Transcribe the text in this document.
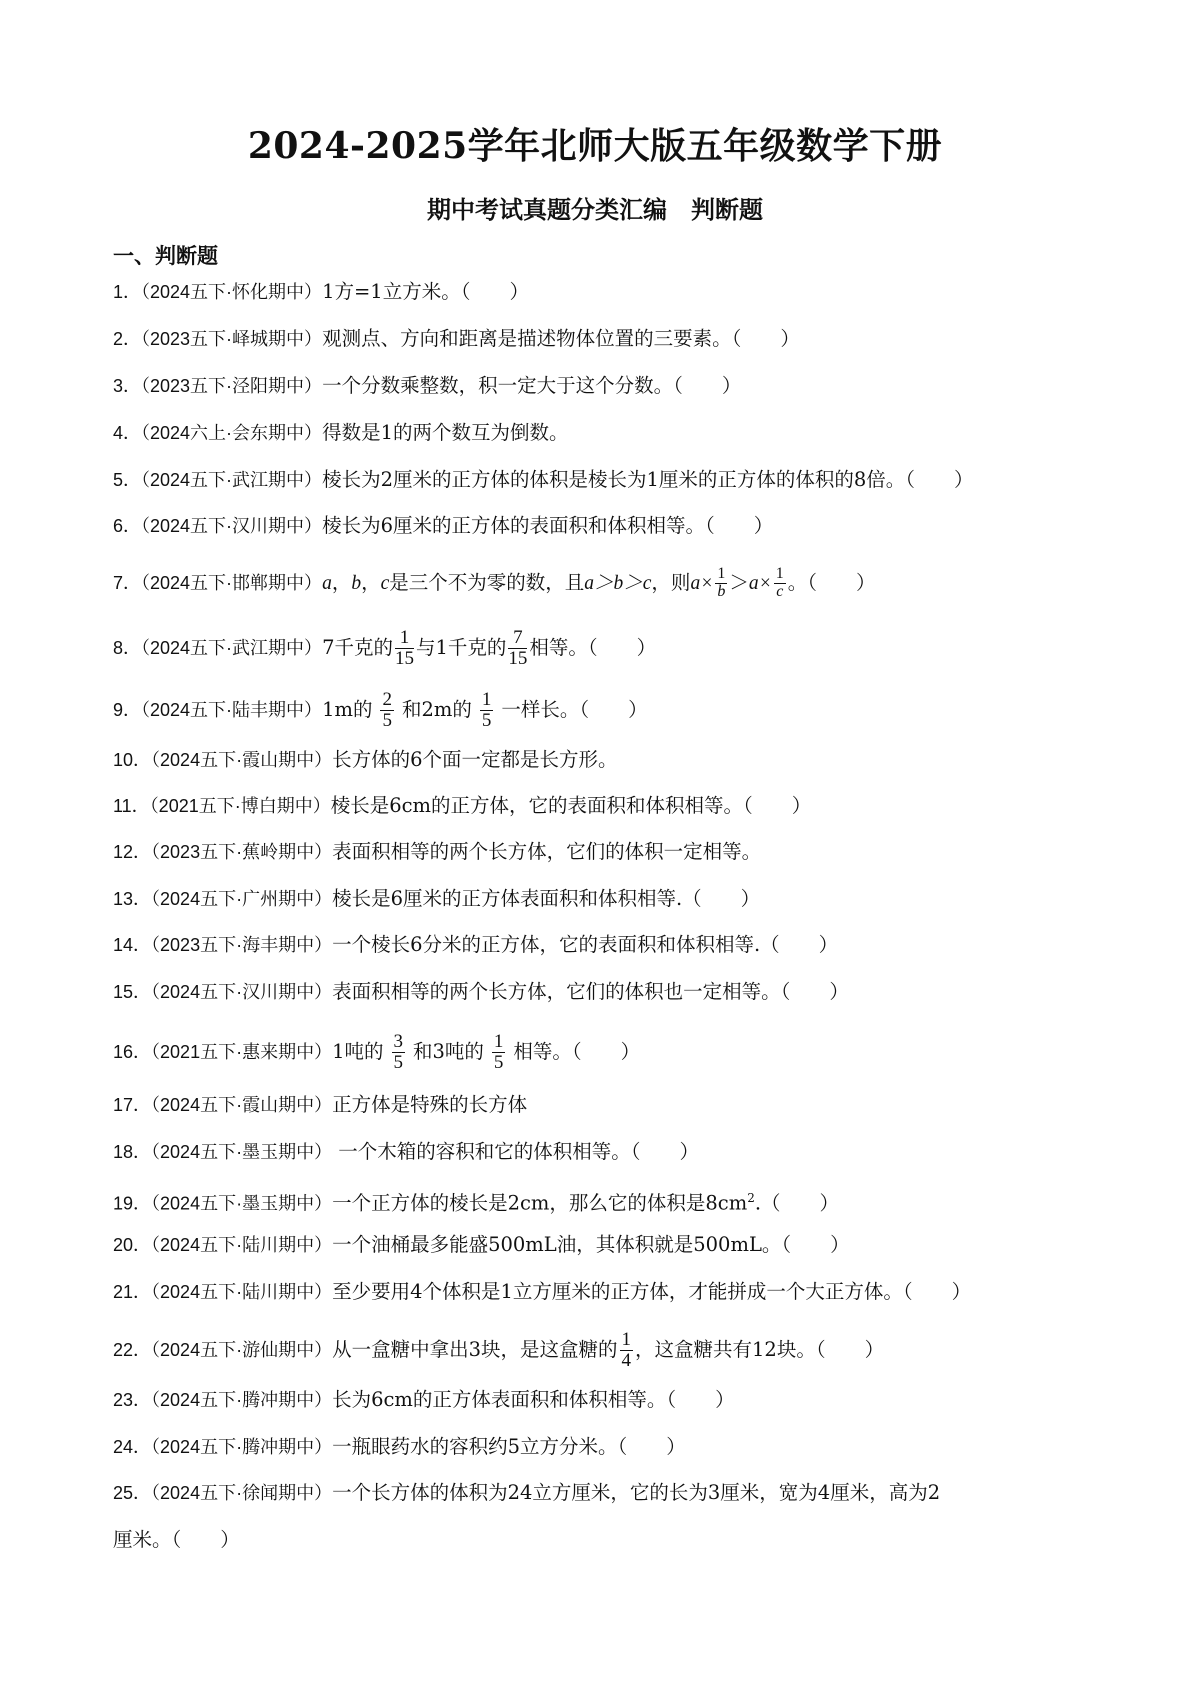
2024-2025学年北师大版五年级数学下册
期中考试真题分类汇编　判断题
一、判断题
1．（2024五下·怀化期中）1方=1立方米。（　　）
2．（2023五下·峄城期中）观测点、方向和距离是描述物体位置的三要素。（　　）
3．（2023五下·泾阳期中）一个分数乘整数，积一定大于这个分数。（　　）
4．（2024六上·会东期中）得数是1的两个数互为倒数。
5．（2024五下·武江期中）棱长为2厘米的正方体的体积是棱长为1厘米的正方体的体积的8倍。（　　）
6．（2024五下·汉川期中）棱长为6厘米的正方体的表面积和体积相等。（　　）
7．（2024五下·邯郸期中）a，b，c是三个不为零的数，且a＞b＞c，则$a\times \frac{1}{b} >a\times \frac{1}{c}$ 。（　　）
8．（2024五下·武江期中）7千克的 $\frac{1}{15}$ 与1千克的 $\frac{7}{15}$ 相等。（　　）
9．（2024五下·陆丰期中）1m的 $\frac{2}{5}$ 和2m的 $\frac{1}{5}$ 一样长。（　　）
10．（2024五下·霞山期中）长方体的6个面一定都是长方形。
11．（2021五下·博白期中）棱长是6cm的正方体，它的表面积和体积相等。（　　）
12．（2023五下·蕉岭期中）表面积相等的两个长方体，它们的体积一定相等。
13．（2024五下·广州期中）棱长是6厘米的正方体表面积和体积相等.（　　）
14．（2023五下·海丰期中）一个棱长6分米的正方体，它的表面积和体积相等.（　　）
15．（2024五下·汉川期中）表面积相等的两个长方体，它们的体积也一定相等。（　　）
16．（2021五下·惠来期中）1吨的 $\frac{3}{5}$ 和3吨的 $\frac{1}{5}$ 相等。（　　）
17．（2024五下·霞山期中）正方体是特殊的长方体
18．（2024五下·墨玉期中） 一个木箱的容积和它的体积相等。（　　）
19．（2024五下·墨玉期中）一个正方体的棱长是2cm，那么它的体积是$8cm^2$.（　　）
20．（2024五下·陆川期中）一个油桶最多能盛500mL油，其体积就是500mL。（　　）
21．（2024五下·陆川期中）至少要用4个体积是1立方厘米的正方体，才能拼成一个大正方体。（　　）
22．（2024五下·游仙期中）从一盒糖中拿出3块，是这盒糖的 $\frac{1}{4}$ ，这盒糖共有12块。（　　）
23．（2024五下·腾冲期中）长为6cm的正方体表面积和体积相等。（　　）
24．（2024五下·腾冲期中）一瓶眼药水的容积约5立方分米。（　　）
25．（2024五下·徐闻期中）一个长方体的体积为24立方厘米，它的长为3厘米，宽为4厘米，高为2
厘米。（　　）
